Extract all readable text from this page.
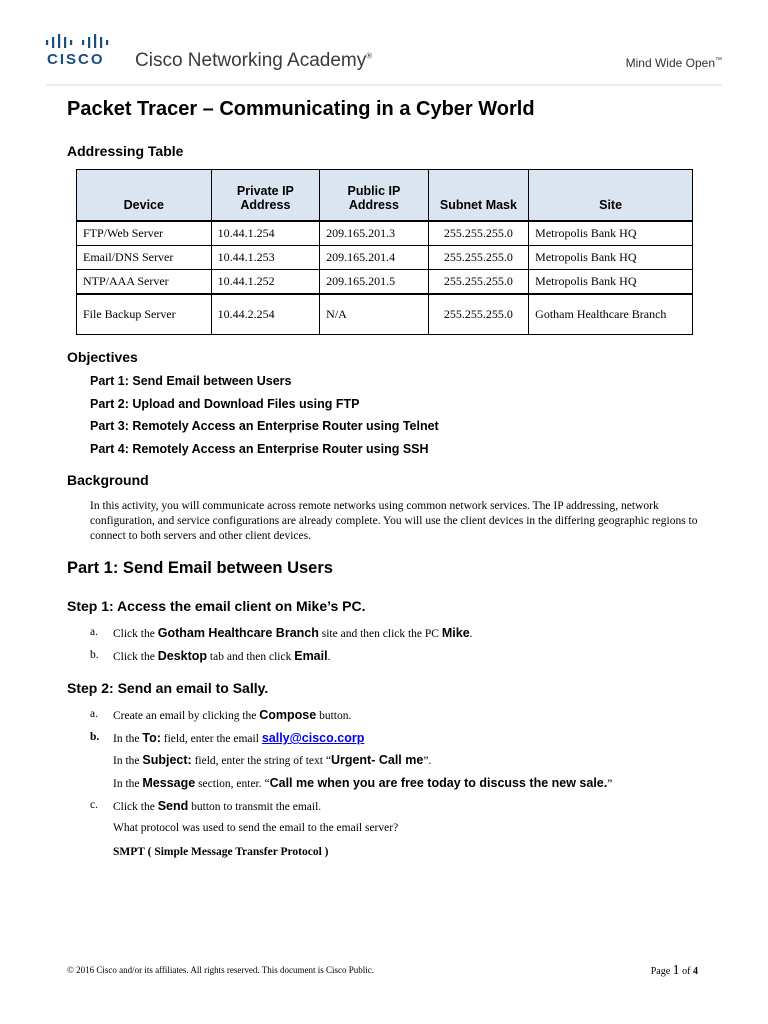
CISCO Cisco Networking Academy®	Mind Wide Open™
Packet Tracer – Communicating in a Cyber World
Addressing Table
Device	Private IP Address	Public IP Address	Subnet Mask	Site
FTP/Web Server	10.44.1.254	209.165.201.3	255.255.255.0	Metropolis Bank HQ
Email/DNS Server	10.44.1.253	209.165.201.4	255.255.255.0	Metropolis Bank HQ
NTP/AAA Server	10.44.1.252	209.165.201.5	255.255.255.0	Metropolis Bank HQ
File Backup Server	10.44.2.254	N/A	255.255.255.0	Gotham Healthcare Branch
Objectives
Part 1: Send Email between Users
Part 2: Upload and Download Files using FTP
Part 3: Remotely Access an Enterprise Router using Telnet
Part 4: Remotely Access an Enterprise Router using SSH
Background
In this activity, you will communicate across remote networks using common network services. The IP addressing, network configuration, and service configurations are already complete. You will use the client devices in the differing geographic regions to connect to both servers and other client devices.
Part 1: Send Email between Users
Step 1: Access the email client on Mike’s PC.
a. Click the Gotham Healthcare Branch site and then click the PC Mike.
b. Click the Desktop tab and then click Email.
Step 2: Send an email to Sally.
a. Create an email by clicking the Compose button.
b. In the To: field, enter the email sally@cisco.corp
In the Subject: field, enter the string of text “Urgent- Call me”.
In the Message section, enter. “Call me when you are free today to discuss the new sale.”
c. Click the Send button to transmit the email.
What protocol was used to send the email to the email server?
SMPT ( Simple Message Transfer Protocol )
© 2016 Cisco and/or its affiliates. All rights reserved. This document is Cisco Public.	Page 1 of 4
